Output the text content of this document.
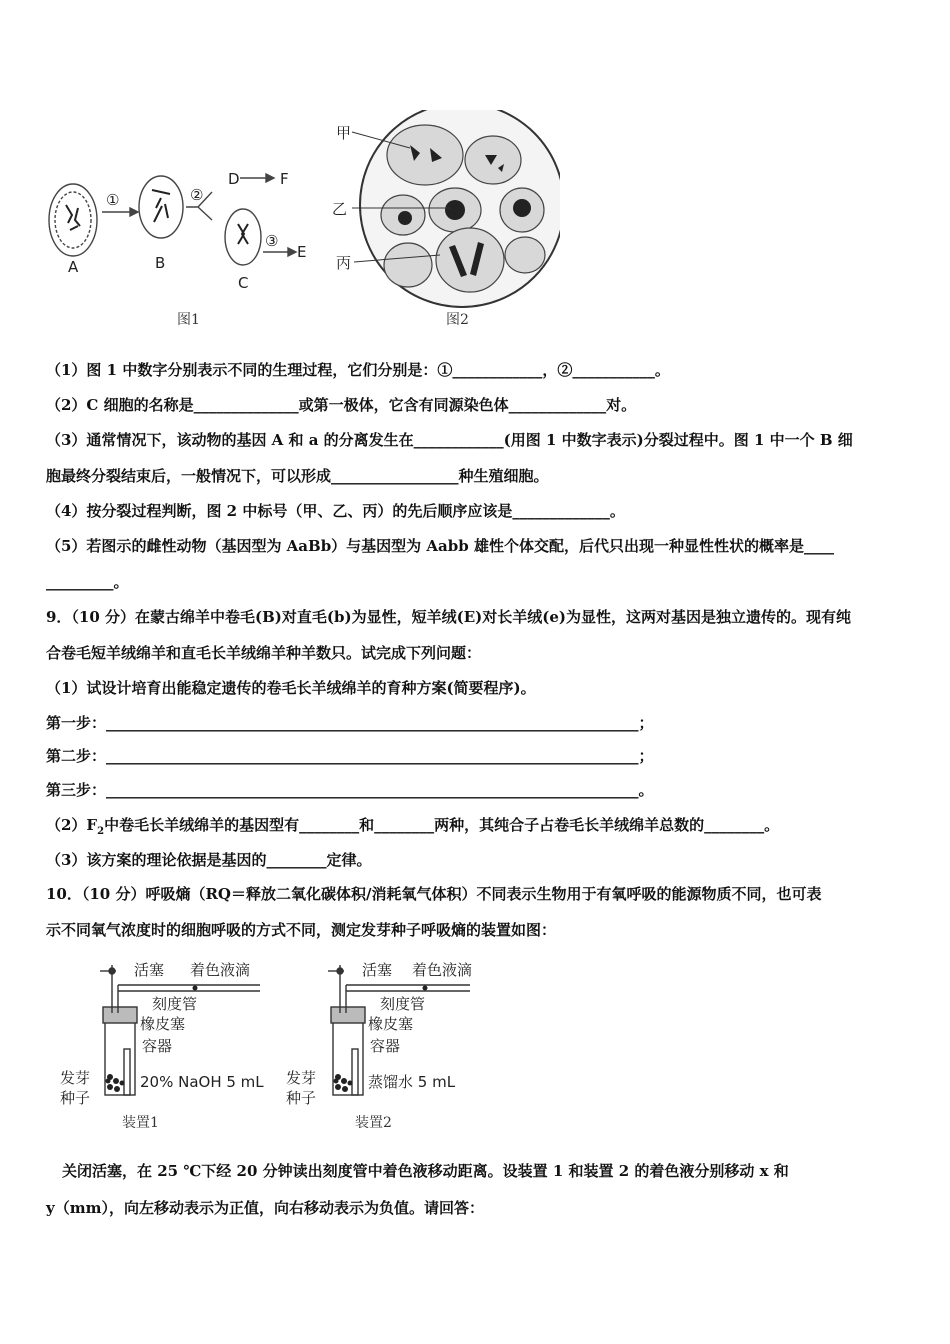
A	B
C
D	F
E
①	②
③
图1
甲
乙
丙
图2
（1）图 1 中数字分别表示不同的生理过程，它们分别是：①____________，②___________。
（2）C 细胞的名称是______________或第一极体，它含有同源染色体_____________对。
（3）通常情况下，该动物的基因 A 和 a 的分离发生在____________(用图 1 中数字表示)分裂过程中。图 1 中一个 B 细
胞最终分裂结束后，一般情况下，可以形成_________________种生殖细胞。
（4）按分裂过程判断，图 2 中标号（甲、乙、丙）的先后顺序应该是_____________。
（5）若图示的雌性动物（基因型为 AaBb）与基因型为 Aabb 雄性个体交配，后代只出现一种显性性状的概率是____
_________。
9．（10 分）在蒙古绵羊中卷毛(B)对直毛(b)为显性，短羊绒(E)对长羊绒(e)为显性，这两对基因是独立遗传的。现有纯
合卷毛短羊绒绵羊和直毛长羊绒绵羊种羊数只。试完成下列问题：
（1）试设计培育出能稳定遗传的卷毛长羊绒绵羊的育种方案(简要程序)。
第一步：_______________________________________________________________________；
第二步：_______________________________________________________________________；
第三步：_______________________________________________________________________。
$(2)F_2$中卷毛长羊绒绵羊的基因型有________和________两种，其纯合子占卷毛长羊绒绵羊总数的________。
（3）该方案的理论依据是基因的________定律。
10．（10 分）呼吸熵（RQ＝释放二氧化碳体积/消耗氧气体积）不同表示生物用于有氧呼吸的能源物质不同，也可表
示不同氧气浓度时的细胞呼吸的方式不同，测定发芽种子呼吸熵的装置如图：
活塞 着色液滴
刻度管
橡皮塞
容器
20% NaOH 5 mL
发芽
种子
装置1
活塞 着色液滴
刻度管
橡皮塞
容器
蒸馏水 5 mL
发芽
种子
装置2
关闭活塞，在 25 ℃下经 20 分钟读出刻度管中着色液移动距离。设装置 1 和装置 2 的着色液分别移动 x 和
y（mm），向左移动表示为正值，向右移动表示为负值。请回答：
